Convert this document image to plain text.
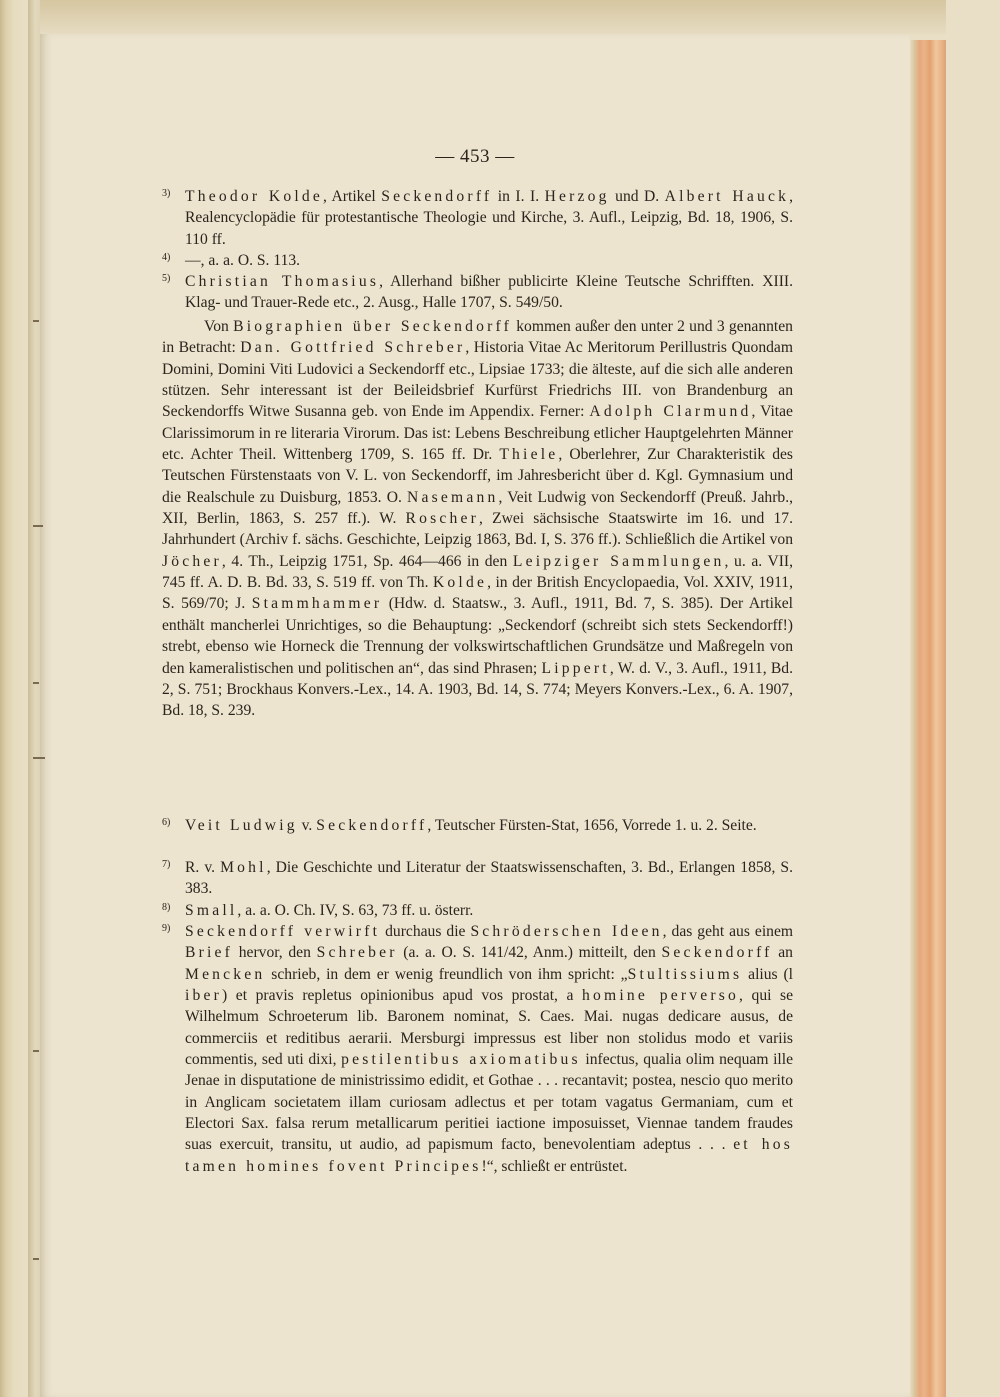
— 453 —
$^{3)}$ Theodor Kolde, Artikel Seckendorff in I. I. Herzog und D. Albert Hauck, Realencyclopädie für protestantische Theologie und Kirche, 3. Aufl., Leipzig, Bd. 18, 1906, S. 110 ff.
$^{4)}$ —, a. a. O. S. 113.
$^{5)}$ Christian Thomasius, Allerhand bißher publicirte Kleine Teutsche Schrifften. XIII. Klag- und Trauer-Rede etc., 2. Ausg., Halle 1707, S. 549/50.
Von Biographien über Seckendorff kommen außer den unter 2 und 3 genannten in Betracht: Dan. Gottfried Schreber, Historia Vitae Ac Meritorum Perillustris Quondam Domini, Domini Viti Ludovici a Seckendorff etc., Lipsiae 1733; die älteste, auf die sich alle anderen stützen. Sehr interessant ist der Beileidsbrief Kurfürst Friedrichs III. von Brandenburg an Seckendorffs Witwe Susanna geb. von Ende im Appendix. Ferner: Adolph Clarmund, Vitae Clarissimorum in re literaria Virorum. Das ist: Lebens Beschreibung etlicher Hauptgelehrten Männer etc. Achter Theil. Wittenberg 1709, S. 165 ff. Dr. Thiele, Oberlehrer, Zur Charakteristik des Teutschen Fürstenstaats von V. L. von Seckendorff, im Jahresbericht über d. Kgl. Gymnasium und die Realschule zu Duisburg, 1853. O. Nasemann, Veit Ludwig von Seckendorff (Preuß. Jahrb., XII, Berlin, 1863, S. 257 ff.). W. Roscher, Zwei sächsische Staatswirte im 16. und 17. Jahrhundert (Archiv f. sächs. Geschichte, Leipzig 1863, Bd. I, S. 376 ff.). Schließlich die Artikel von Jöcher, 4. Th., Leipzig 1751, Sp. 464—466 in den Leipziger Sammlungen, u. a. VII, 745 ff. A. D. B. Bd. 33, S. 519 ff. von Th. Kolde, in der British Encyclopaedia, Vol. XXIV, 1911, S. 569/70; J. Stammhammer (Hdw. d. Staatsw., 3. Aufl., 1911, Bd. 7, S. 385). Der Artikel enthält mancherlei Unrichtiges, so die Behauptung: „Seckendorf (schreibt sich stets Seckendorff!) strebt, ebenso wie Horneck die Trennung der volkswirtschaftlichen Grundsätze und Maßregeln von den kameralistischen und politischen an“, das sind Phrasen; Lippert, W. d. V., 3. Aufl., 1911, Bd. 2, S. 751; Brockhaus Konvers.-Lex., 14. A. 1903, Bd. 14, S. 774; Meyers Konvers.-Lex., 6. A. 1907, Bd. 18, S. 239.
$^{6)}$ Veit Ludwig v. Seckendorff, Teutscher Fürsten-Stat, 1656, Vorrede 1. u. 2. Seite.
$^{7)}$ R. v. Mohl, Die Geschichte und Literatur der Staatswissenschaften, 3. Bd., Erlangen 1858, S. 383.
$^{8)}$ Small, a. a. O. Ch. IV, S. 63, 73 ff. u. österr.
$^{9)}$ Seckendorff verwirft durchaus die Schröderschen Ideen, das geht aus einem Brief hervor, den Schreber (a. a. O. S. 141/42, Anm.) mitteilt, den Seckendorff an Mencken schrieb, in dem er wenig freundlich von ihm spricht: „Stultissiums alius (l iber) et pravis repletus opinionibus apud vos prostat, a homine perverso, qui se Wilhelmum Schroeterum lib. Baronem nominat, S. Caes. Mai. nugas dedicare ausus, de commerciis et reditibus aerarii. Mersburgi impressus est liber non stolidus modo et variis commentis, sed uti dixi, pestilentibus axiomatibus infectus, qualia olim nequam ille Jenae in disputatione de ministrissimo edidit, et Gothae . . . recantavit; postea, nescio quo merito in Anglicam societatem illam curiosam adlectus et per totam vagatus Germaniam, cum et Electori Sax. falsa rerum metallicarum peritiei iactione imposuisset, Viennae tandem fraudes suas exercuit, transitu, ut audio, ad papismum facto, benevolentiam adeptus . . . et hos tamen homines fovent Principes!“, schließt er entrüstet.
